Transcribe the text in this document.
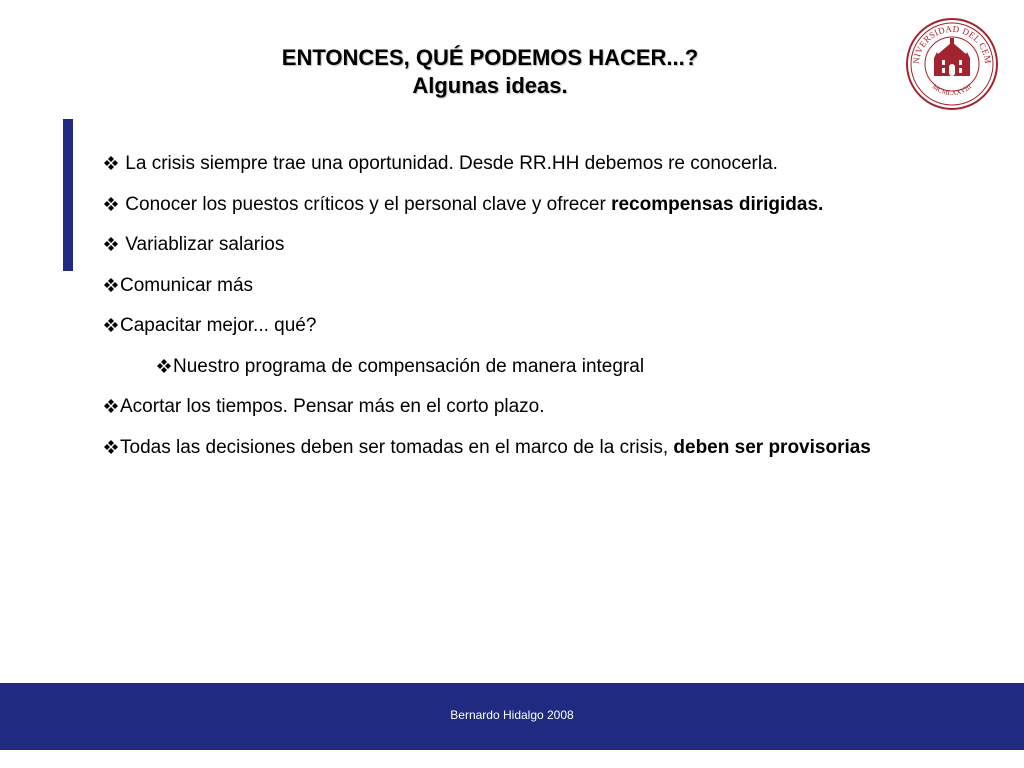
ENTONCES, QUÉ PODEMOS HACER...?
Algunas ideas.
NIVERSIDAD DEL CEM
MCMLXXVIII
La crisis siempre trae una oportunidad. Desde RR.HH debemos re conocerla.
Conocer los puestos críticos y el personal clave y ofrecer recompensas dirigidas.
Variablizar salarios
Comunicar más
Capacitar mejor... qué?
Nuestro programa de compensación de manera integral
Acortar los tiempos. Pensar más en el corto plazo.
Todas las decisiones deben ser tomadas en el marco de la crisis, deben ser provisorias
Bernardo Hidalgo 2008
